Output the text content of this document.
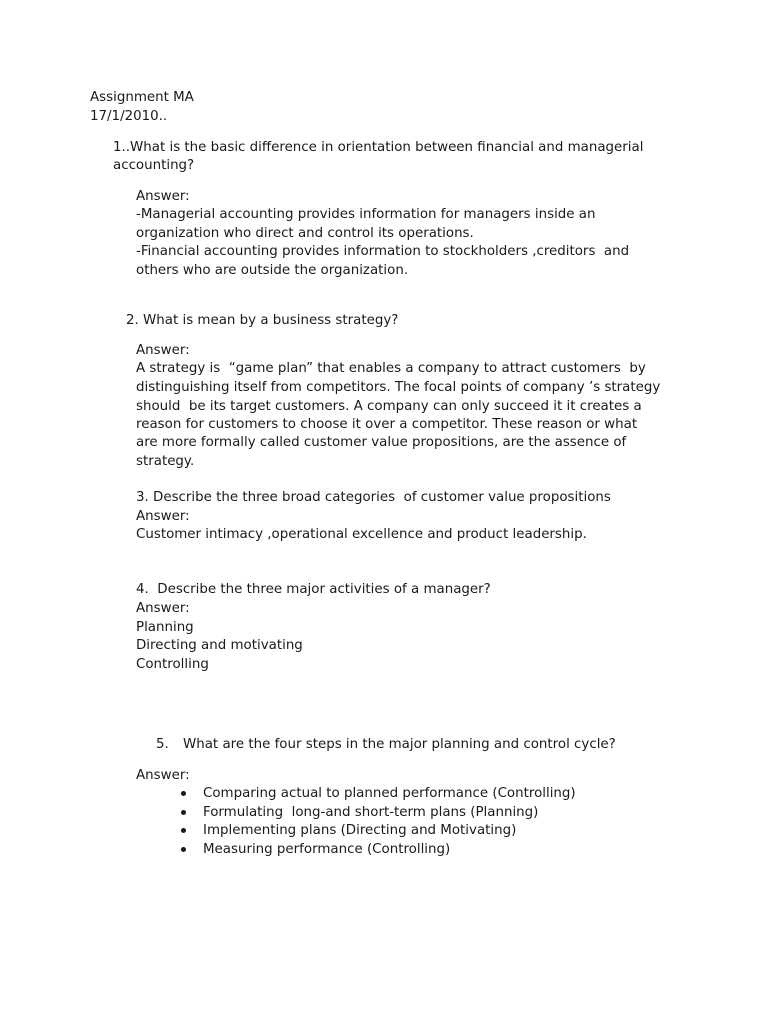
Assignment MA
17/1/2010..
1..What is the basic difference in orientation between financial and managerial
accounting?
Answer:
-Managerial accounting provides information for managers inside an
organization who direct and control its operations.
-Financial accounting provides information to stockholders ,creditors  and
others who are outside the organization.
2. What is mean by a business strategy?
Answer:
A strategy is  “game plan” that enables a company to attract customers  by
distinguishing itself from competitors. The focal points of company ’s strategy
should  be its target customers. A company can only succeed it it creates a
reason for customers to choose it over a competitor. These reason or what
are more formally called customer value propositions, are the assence of
strategy.
3. Describe the three broad categories  of customer value propositions
Answer:
Customer intimacy ,operational excellence and product leadership.
4.  Describe the three major activities of a manager?
Answer:
Planning
Directing and motivating
Controlling
5. What are the four steps in the major planning and control cycle?
Answer:
Comparing actual to planned performance (Controlling)
Formulating  long-and short-term plans (Planning)
Implementing plans (Directing and Motivating)
Measuring performance (Controlling)
